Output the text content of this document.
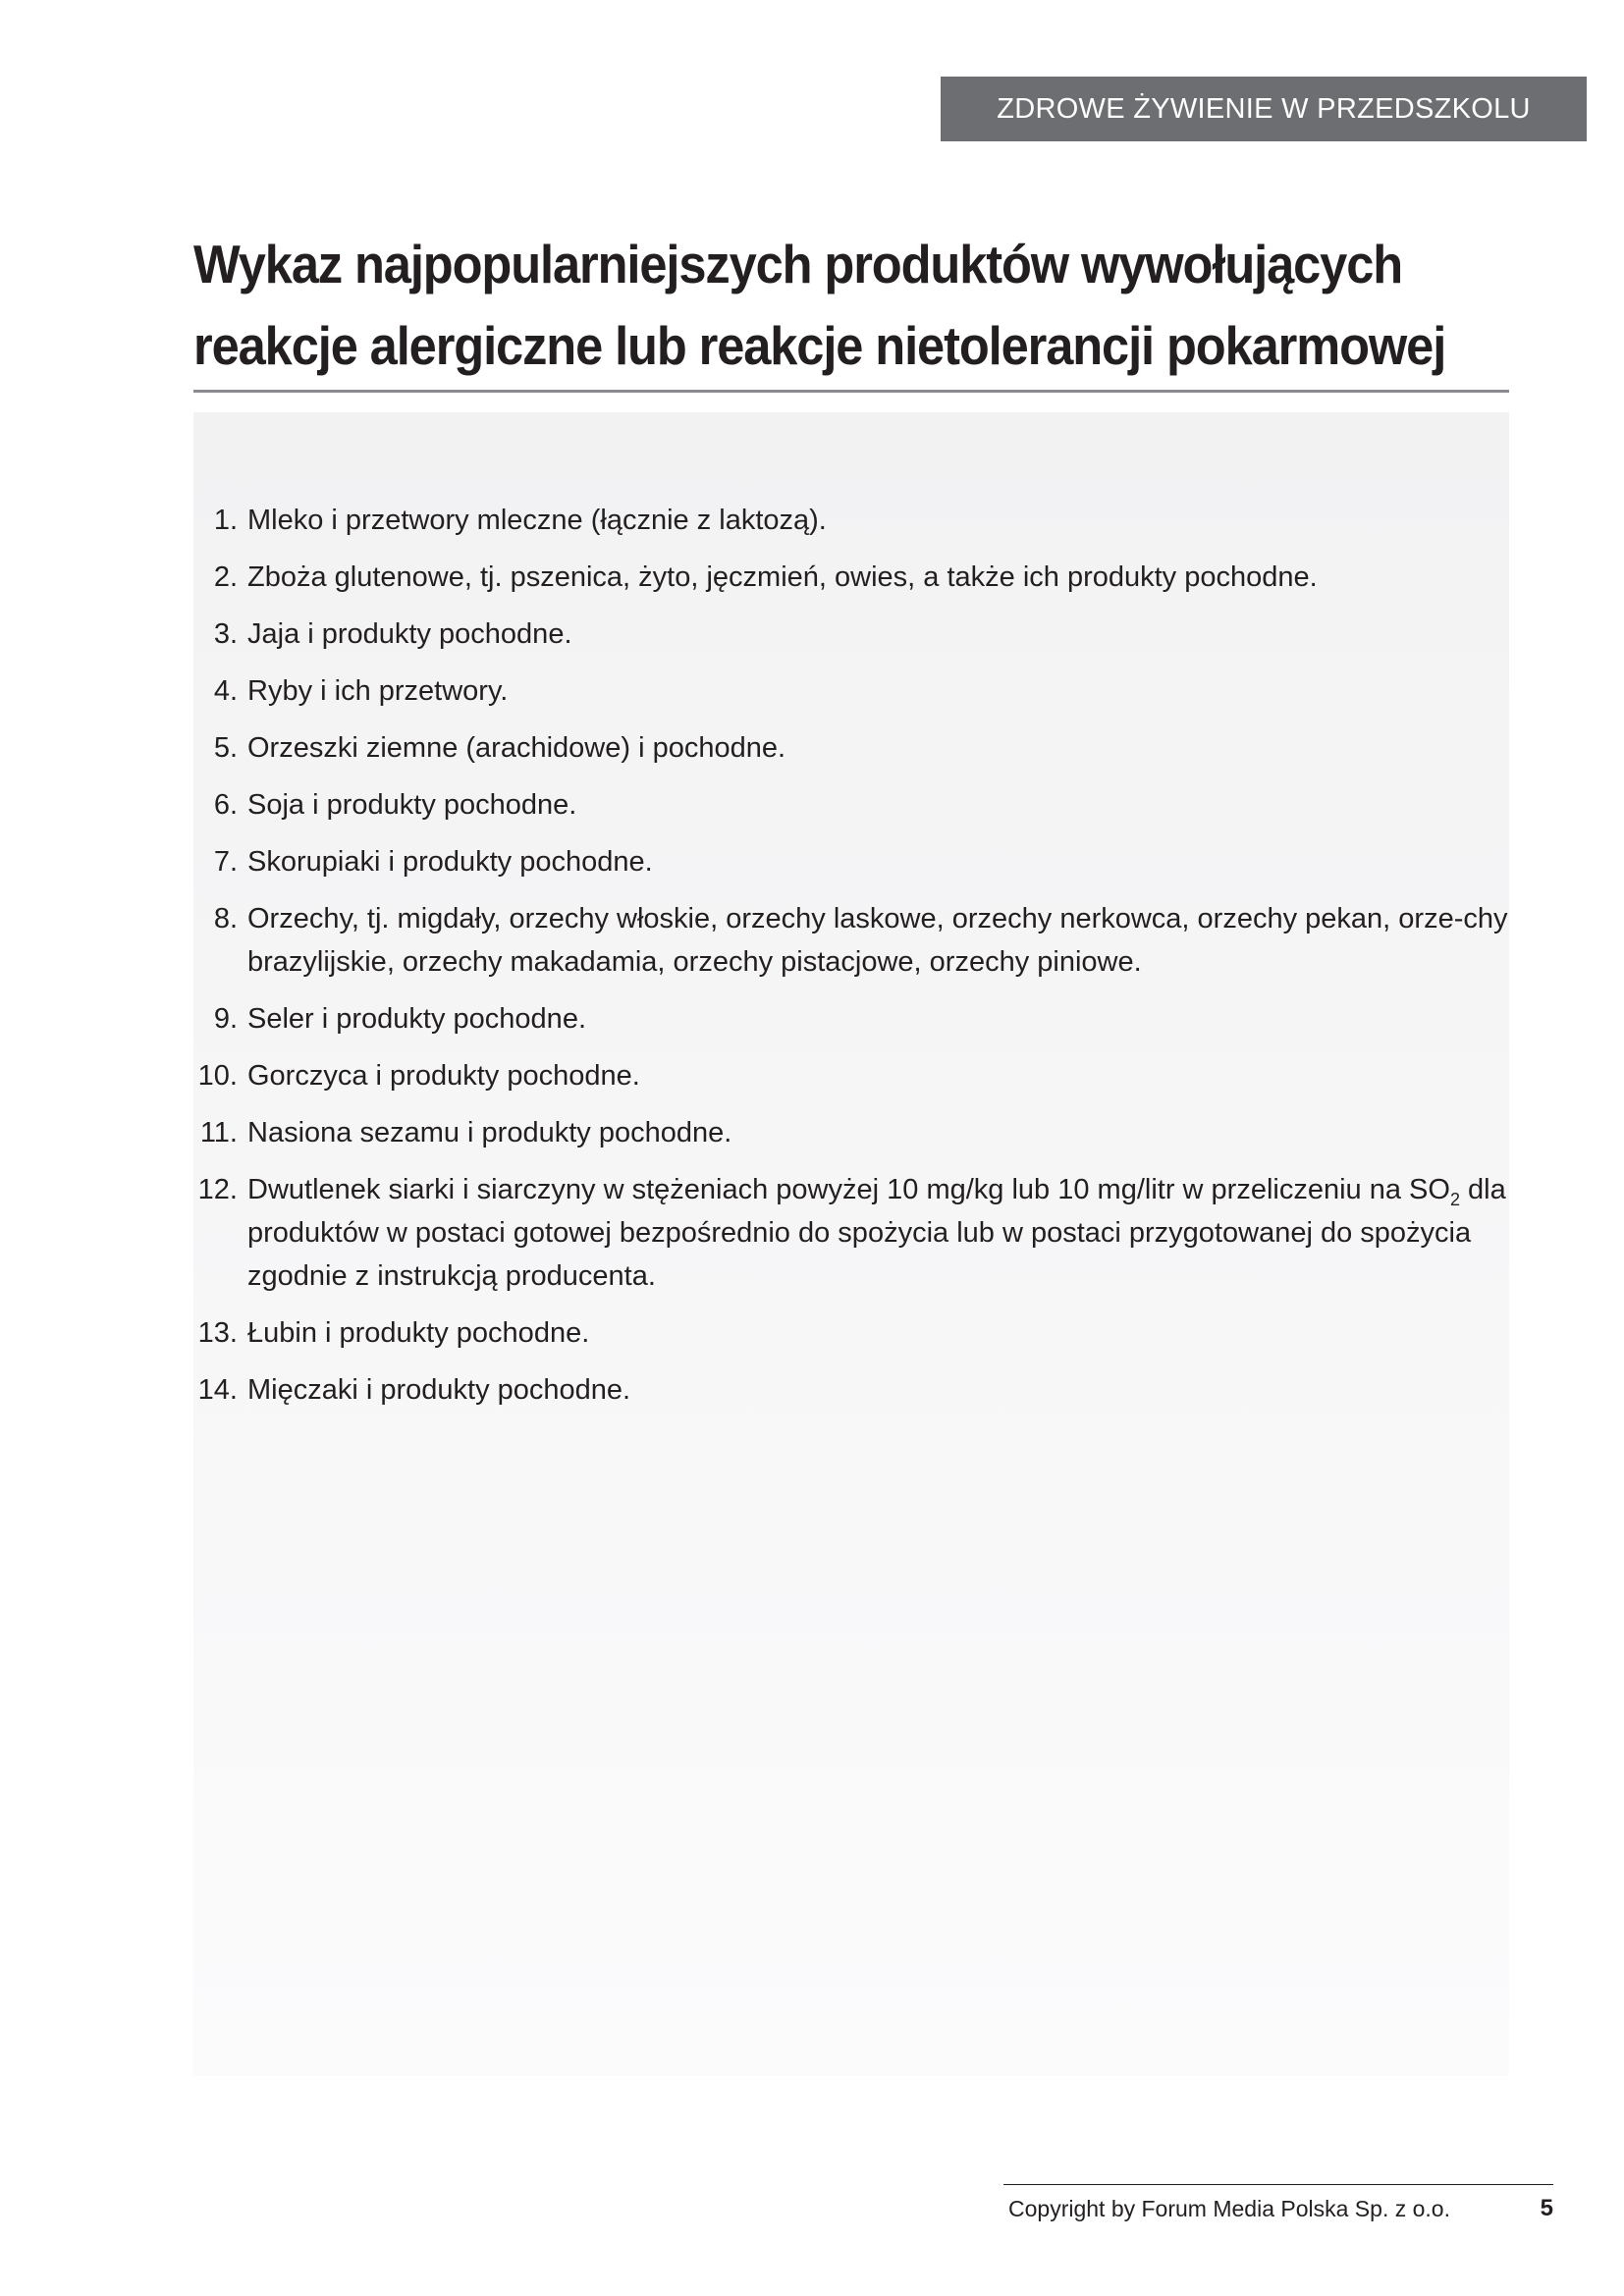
ZDROWE ŻYWIENIE W PRZEDSZKOLU
Wykaz najpopularniejszych produktów wywołujących
reakcje alergiczne lub reakcje nietolerancji pokarmowej
1. Mleko i przetwory mleczne (łącznie z laktozą).
2. Zboża glutenowe, tj. pszenica, żyto, jęczmień, owies, a także ich produkty pochodne.
3. Jaja i produkty pochodne.
4. Ryby i ich przetwory.
5. Orzeszki ziemne (arachidowe) i pochodne.
6. Soja i produkty pochodne.
7. Skorupiaki i produkty pochodne.
8. Orzechy, tj. migdały, orzechy włoskie, orzechy laskowe, orzechy nerkowca, orzechy pekan, orze-chy brazylijskie, orzechy makadamia, orzechy pistacjowe, orzechy piniowe.
9. Seler i produkty pochodne.
10. Gorczyca i produkty pochodne.
11. Nasiona sezamu i produkty pochodne.
12. Dwutlenek siarki i siarczyny w stężeniach powyżej 10 mg/kg lub 10 mg/litr w przeliczeniu na $SO_2$ dla produktów w postaci gotowej bezpośrednio do spożycia lub w postaci przygotowanej do spożycia zgodnie z instrukcją producenta.
13. Łubin i produkty pochodne.
14. Mięczaki i produkty pochodne.
Copyright by Forum Media Polska Sp. z o.o.	5
